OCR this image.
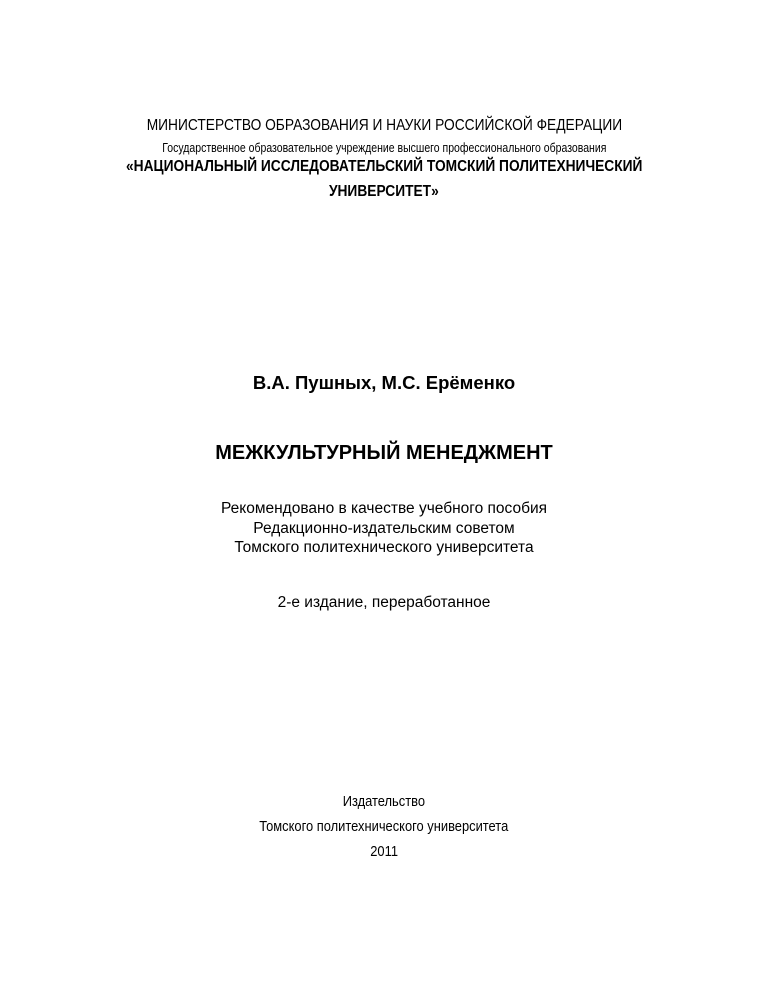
МИНИСТЕРСТВО ОБРАЗОВАНИЯ И НАУКИ РОССИЙСКОЙ ФЕДЕРАЦИИ
Государственное образовательное учреждение высшего профессионального образования
«НАЦИОНАЛЬНЫЙ ИССЛЕДОВАТЕЛЬСКИЙ ТОМСКИЙ ПОЛИТЕХНИЧЕСКИЙ
УНИВЕРСИТЕТ»
В.А. Пушных, М.С. Ерёменко
МЕЖКУЛЬТУРНЫЙ МЕНЕДЖМЕНТ
Рекомендовано в качестве учебного пособия
Редакционно-издательским советом
Томского политехнического университета
2-е издание, переработанное
Издательство
Томского политехнического университета
2011
